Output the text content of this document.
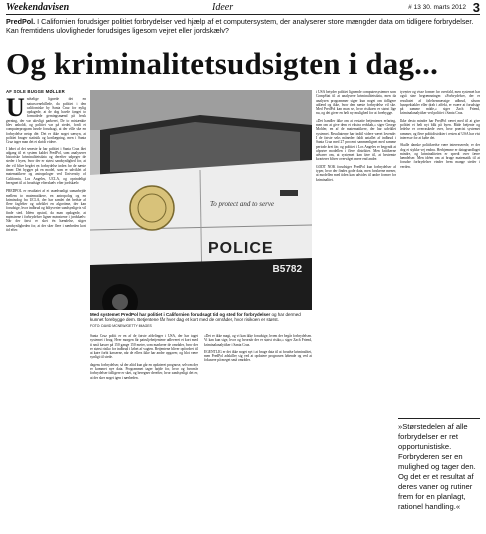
Weekendavisen	Ideer	# 13 30. marts 2012 3
PredPol. I Californien forudsiger politiet forbrydelser ved hjælp af et computersystem, der analyserer store mængder data om tidligere forbrydelser. Kan fremtidens ulovligheder forudsiges ligesom vejret eller jordskælv?
Og kriminalitetsudsigten i dag...
AF SOLE BUGGE MØLLER

Undselige lignede det en naturscenebillede, da politiet i den californiske by Santa Cruz for nylig opdagede, at de dog havde fanget to formodede gerningsmænd på fersk gerning, der var ulovligt parkeret. De to mistænkte blev anholdt, og politiet var på stedet, fordi et computerprogram havde forudsagt, at der ville ske en forbrydelse netop dér. Det er ikke noget særsyn, at politiet bruger statistik og kortlægning, men i Santa Cruz tager man det et skridt videre.

I løbet af det seneste år har politiet i Santa Cruz fået adgang til et system kaldet PredPol, som analyserer historiske kriminalitetsdata og derefter udpeger de steder i byen, hvor der er størst sandsynlighed for, at der vil blive begået en forbrydelse inden for de næste timer. Det bygger på en model, som er udviklet af matematikere og antropologer ved University of California, Los Angeles, UCLA, og oprindeligt beregnet til at forudsige efterskælv efter jordskælv.

PREDPOL er resultatet af et usædvanligt samarbejde mellem to matematikere, en antropolog og en kriminolog fra UCLA, der har samlet det bedste af flere fagfelter og udviklet en algoritme, der kan forudsige, hvor indbrud og biltyverier sandsynligvis vil finde sted. Idéen opstod, da man opdagede, at mønstrene i forbrydelser ligner mønstrene i jordskælv: Når der først er sket én hændelse, stiger sandsynligheden for, at der sker flere i nærheden kort tid efter.

To protect and to serve
POLICE
B5782
Med systemet PredPol har politiet i Californien forudsagt tid og sted for forbrydelser og har dermed kunnet forebygge dem. Betjentene får hver dag et kort med de områder, hvor risikoen er størst.
FOTO: DAVID MCNEW/GETTY IMAGES

Santa Cruz politi er en af de første afdelinger i USA, der har taget systemet i brug. Hver morgen får patruljebetjentene udleveret et kort med ti små kasser på 150 gange 150 meter, som markerer de områder, hvor der er størst risiko for indbrud i løbet af vagten. Betjentene bliver opfordret til at køre forbi kasserne, når de ellers ikke har andre opgaver, og blot være synligt til stede.

dagens forbrydelser, så der altid kun går en opdateret prognose, selvom der er kommet nye data. Programmet tager højde for, hvor og hvornår forbrydelser tidligere er sket, og beregner derefter, hvor sandsynligt det er, at der sker noget igen i nærheden.

»Det er ikke magi, og vi kan ikke forudsige, hvem der begår forbrydelsen. Vi kan kun sige, hvor og hvornår der er størst risiko,« siger Zach Friend, kriminalanalytiker i Santa Cruz.

EGENTLIG er det ikke noget nyt i at bruge data til at forudse kriminalitet, men PredPol adskiller sig ved at opdatere prognosen løbende og ved at fokusere på meget små områder.

i USA betyder politiet lignende computersystemer som CompStat til at analysere kriminalitetsdata, men da analysen programmer siger kun noget om tidligere adfærd og ikke, hvor den næste forbrydelse vil ske. Med PredPol kan man se, hvor risikoen er størst lige nu, og det giver en helt ny mulighed for at forebygge.

»Det handler ikke om at erstatte betjentenes erfaring, men om at give dem et ekstra redskab,« siger George Mohler, en af de matematikere, der har udviklet systemet. Resultaterne har indtil videre været lovende: I de første seks måneder faldt antallet af indbrud i Santa Cruz med 27 procent sammenlignet med samme periode året før, og politiet i Los Angeles er begyndt at afprøve modellen i flere distrikter. Men kritikerne advarer om, at systemet kan føre til, at bestemte kvarterer bliver overvåget mere end andre.

GODT NOK forudsiger PredPol kun forbrydelser af typer, hvor der findes gode data, men forskerne mener, at modellen med tiden kan udvides til andre former for kriminalitet.

tyverier og visse former for overfald, men systemet har også sine begrænsninger. »Forbrydelser, der er resultatet af følelsesmæssige udbrud, såsom husspektakler eller drab i affekt, er svære at forudsige på samme måde,« siger Zach Friend, kriminalanalytiker ved politiet i Santa Cruz.

Ikke desto mindre har PredPol været med til at give politiet et helt nyt blik på byen. Både betjente og ledelse er overraskede over, hvor præcist systemet rammer, og flere politidistrikter i resten af USA har vist interesse for at købe det.

Skulle danske politikredse være interesserede, er der dog et stykke vej endnu. Herhjemme er datagrundlaget mindre, og kriminaliteten er spredt over færre hændelser. Men idéen om at bruge matematik til at forudse forbrydelser vinder frem mange steder i verden.

»Størstedelen af alle forbrydelser er ret opportunistiske. Forbryderen ser en mulighed og tager den. Og det er et resultat af deres vaner og rutiner frem for en planlagt, rationel handling.«
